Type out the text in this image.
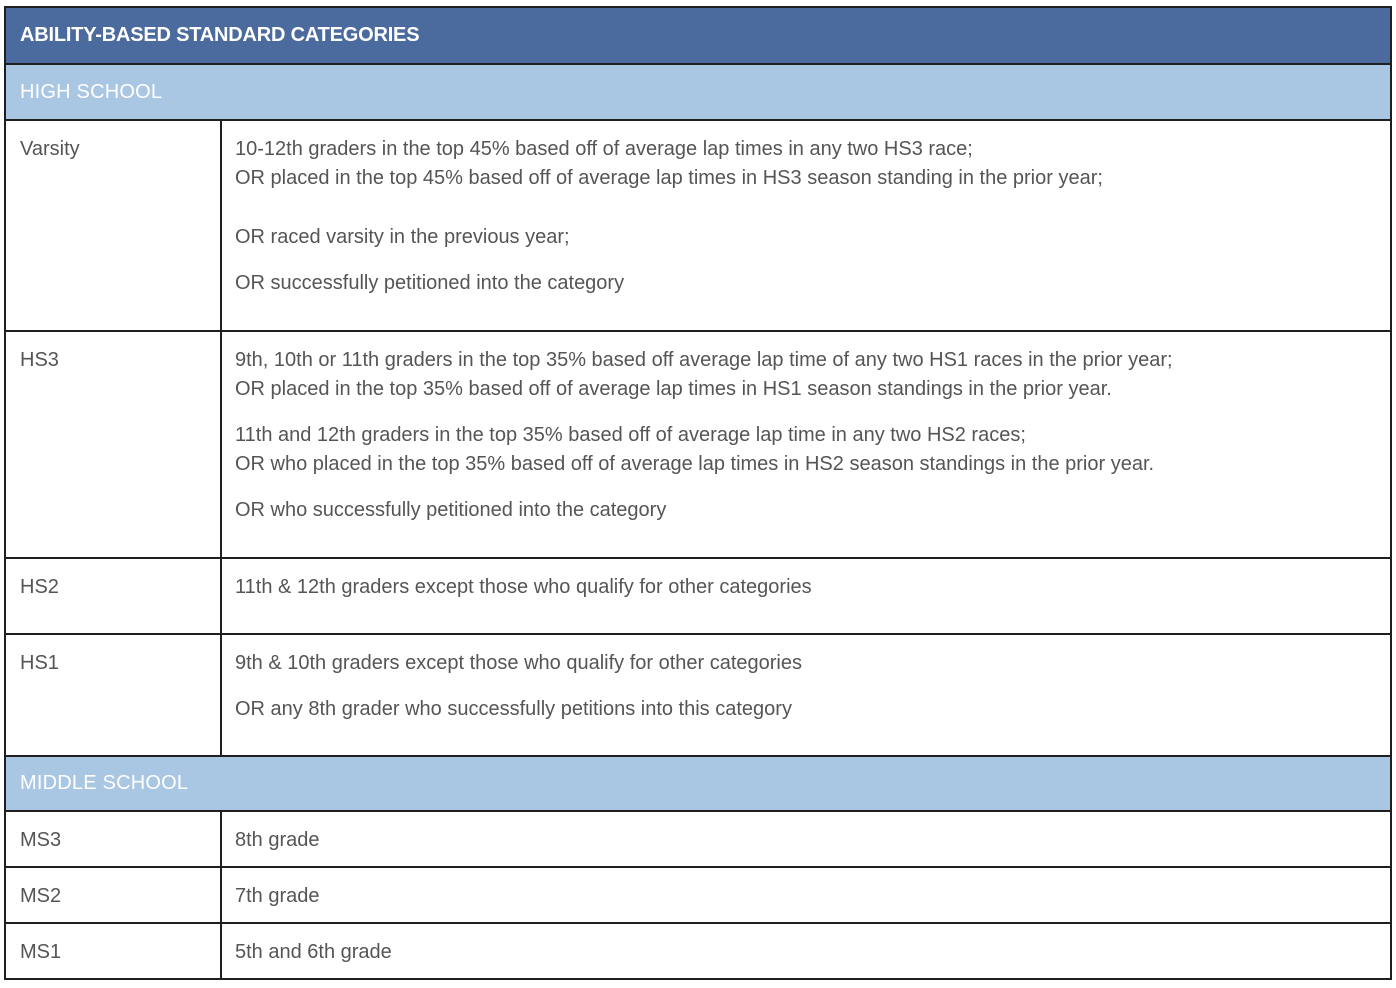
ABILITY-BASED STANDARD CATEGORIES	
HIGH SCHOOL	
Varsity	10-12th graders in the top 45% based off of average lap times in any two HS3 race;
OR placed in the top 45% based off of average lap times in HS3 season standing in the prior year;
OR raced varsity in the previous year;
OR successfully petitioned into the category

HS3	9th, 10th or 11th graders in the top 35% based off average lap time of any two HS1 races in the prior year;
OR placed in the top 35% based off of average lap times in HS1 season standings in the prior year.
11th and 12th graders in the top 35% based off of average lap time in any two HS2 races;
OR who placed in the top 35% based off of average lap times in HS2 season standings in the prior year.
OR who successfully petitioned into the category

HS2	11th & 12th graders except those who qualify for other categories

HS1	9th & 10th graders except those who qualify for other categories
OR any 8th grader who successfully petitions into this category

MIDDLE SCHOOL	
MS3	8th grade

MS2	7th grade

MS1	5th and 6th grade
